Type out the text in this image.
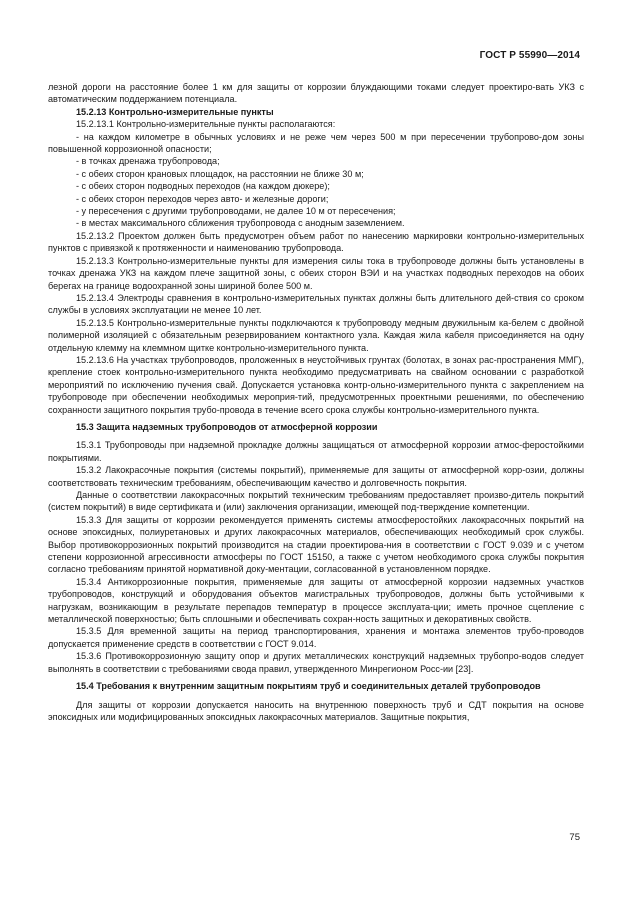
ГОСТ Р 55990—2014

лезной дороги на расстояние более 1 км для защиты от коррозии блуждающими токами следует проектиро-вать УКЗ с автоматическим поддержанием потенциала.

15.2.13 Контрольно-измерительные пункты

15.2.13.1 Контрольно-измерительные пункты располагаются:

- на каждом километре в обычных условиях и не реже чем через 500 м при пересечении трубопрово-дом зоны повышенной коррозионной опасности;

- в точках дренажа трубопровода;

- с обеих сторон крановых площадок, на расстоянии не ближе 30 м;

- с обеих сторон подводных переходов (на каждом дюкере);

- с обеих сторон переходов через авто- и железные дороги;

- у пересечения с другими трубопроводами, не далее 10 м от пересечения;

- в местах максимального сближения трубопровода с анодным заземлением.

15.2.13.2 Проектом должен быть предусмотрен объем работ по нанесению маркировки контрольно-измерительных пунктов с привязкой к протяженности и наименованию трубопровода.

15.2.13.3 Контрольно-измерительные пункты для измерения силы тока в трубопроводе должны быть установлены в точках дренажа УКЗ на каждом плече защитной зоны, с обеих сторон ВЭИ и на участках подводных переходов на обоих берегах на границе водоохранной зоны шириной более 500 м.

15.2.13.4 Электроды сравнения в контрольно-измерительных пунктах должны быть длительного дей-ствия со сроком службы в условиях эксплуатации не менее 10 лет.

15.2.13.5 Контрольно-измерительные пункты подключаются к трубопроводу медным двужильным ка-белем с двойной полимерной изоляцией с обязательным резервированием контактного узла. Каждая жила кабеля присоединяется на одну отдельную клемму на клеммном щитке контрольно-измерительного пункта.

15.2.13.6 На участках трубопроводов, проложенных в неустойчивых грунтах (болотах, в зонах рас-пространения ММГ), крепление стоек контрольно-измерительного пункта необходимо предусматривать на свайном основании с разработкой мероприятий по исключению пучения свай. Допускается установка контр-ольно-измерительного пункта с закреплением на трубопроводе при обеспечении необходимых мероприя-тий, предусмотренных проектными решениями, по обеспечению сохранности защитного покрытия трубо-провода в течение всего срока службы контрольно-измерительного пункта.

15.3 Защита надземных трубопроводов от атмосферной коррозии

15.3.1 Трубопроводы при надземной прокладке должны защищаться от атмосферной коррозии атмос-феростойкими покрытиями.

15.3.2 Лакокрасочные покрытия (системы покрытий), применяемые для защиты от атмосферной корр-озии, должны соответствовать техническим требованиям, обеспечивающим качество и долговечность покрытия.

Данные о соответствии лакокрасочных покрытий техническим требованиям предоставляет произво-дитель покрытий (систем покрытий) в виде сертификата и (или) заключения организации, имеющей под-тверждение компетенции.

15.3.3 Для защиты от коррозии рекомендуется применять системы атмосферостойких лакокрасочных покрытий на основе эпоксидных, полиуретановых и других лакокрасочных материалов, обеспечивающих необходимый срок службы. Выбор противокоррозионных покрытий производится на стадии проектирова-ния в соответствии с ГОСТ 9.039 и с учетом степени коррозионной агрессивности атмосферы по ГОСТ 15150, а также с учетом необходимого срока службы покрытия согласно требованиям принятой нормативной доку-ментации, согласованной в установленном порядке.

15.3.4 Антикоррозионные покрытия, применяемые для защиты от атмосферной коррозии надземных участков трубопроводов, конструкций и оборудования объектов магистральных трубопроводов, должны быть устойчивыми к нагрузкам, возникающим в результате перепадов температур в процессе эксплуата-ции; иметь прочное сцепление с металлической поверхностью; быть сплошными и обеспечивать сохран-ность защитных и декоративных свойств.

15.3.5 Для временной защиты на период транспортирования, хранения и монтажа элементов трубо-проводов допускается применение средств в соответствии с ГОСТ 9.014.

15.3.6 Противокоррозионную защиту опор и других металлических конструкций надземных трубопро-водов следует выполнять в соответствии с требованиями свода правил, утвержденного Минрегионом Росс-ии [23].

15.4 Требования к внутренним защитным покрытиям труб и соединительных деталей трубопроводов

Для защиты от коррозии допускается наносить на внутреннюю поверхность труб и СДТ покрытия на основе эпоксидных или модифицированных эпоксидных лакокрасочных материалов. Защитные покрытия,

75
